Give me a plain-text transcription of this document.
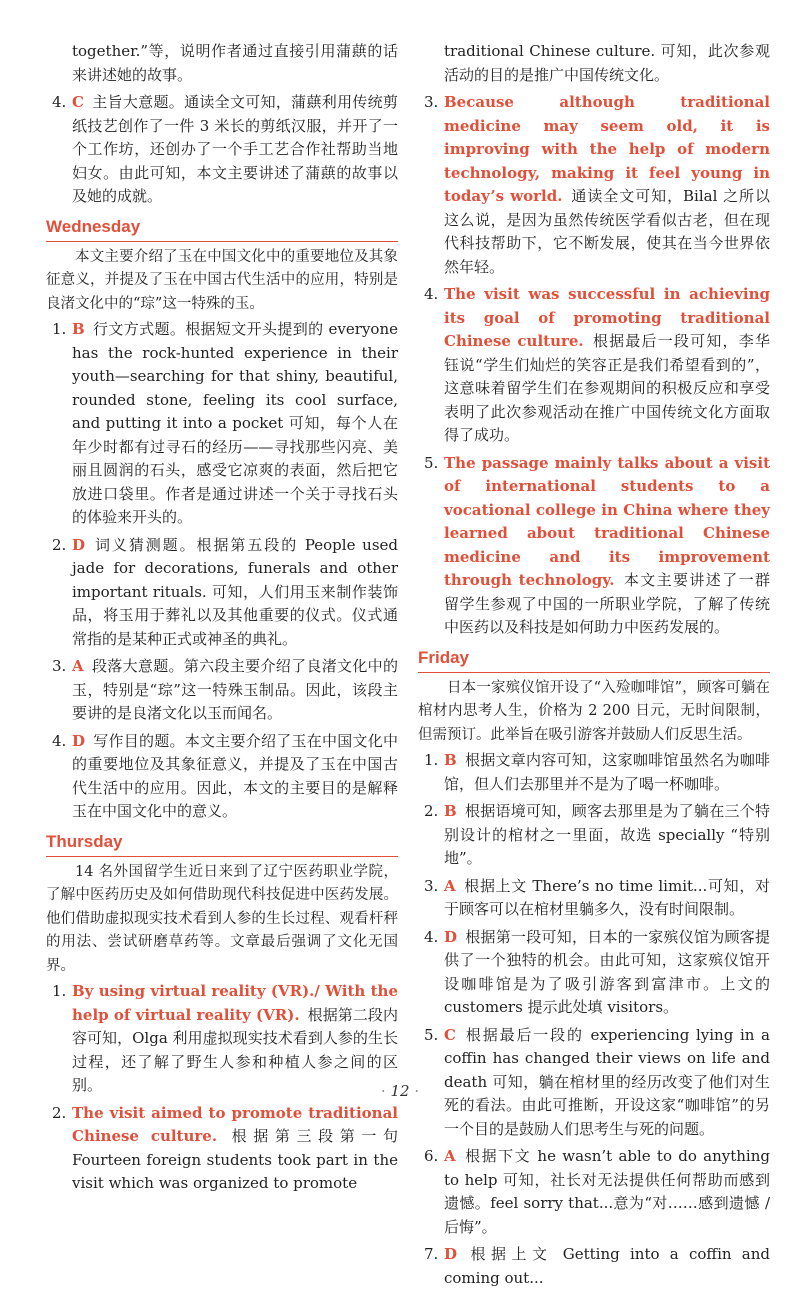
together.”等，说明作者通过直接引用蒲蕻的话来讲述她的故事。

4. C 主旨大意题。通读全文可知，蒲蕻利用传统剪纸技艺创作了一件 3 米长的剪纸汉服，并开了一个工作坊，还创办了一个手工艺合作社帮助当地妇女。由此可知，本文主要讲述了蒲蕻的故事以及她的成就。

Wednesday

本文主要介绍了玉在中国文化中的重要地位及其象征意义，并提及了玉在中国古代生活中的应用，特别是良渚文化中的“琮”这一特殊的玉。

1. B 行文方式题。根据短文开头提到的 everyone has the rock-hunted experience in their youth—searching for that shiny, beautiful, rounded stone, feeling its cool surface, and putting it into a pocket 可知，每个人在年少时都有过寻石的经历——寻找那些闪亮、美丽且圆润的石头，感受它凉爽的表面，然后把它放进口袋里。作者是通过讲述一个关于寻找石头的体验来开头的。

2. D 词义猜测题。根据第五段的 People used jade for decorations, funerals and other important rituals. 可知，人们用玉来制作装饰品，将玉用于葬礼以及其他重要的仪式。仪式通常指的是某种正式或神圣的典礼。

3. A 段落大意题。第六段主要介绍了良渚文化中的玉，特别是“琮”这一特殊玉制品。因此，该段主要讲的是良渚文化以玉而闻名。

4. D 写作目的题。本文主要介绍了玉在中国文化中的重要地位及其象征意义，并提及了玉在中国古代生活中的应用。因此，本文的主要目的是解释玉在中国文化中的意义。

Thursday

14 名外国留学生近日来到了辽宁医药职业学院，了解中医药历史及如何借助现代科技促进中医药发展。他们借助虚拟现实技术看到人参的生长过程、观看杆秤的用法、尝试研磨草药等。文章最后强调了文化无国界。

1. By using virtual reality (VR)./ With the help of virtual reality (VR). 根据第二段内容可知，Olga 利用虚拟现实技术看到人参的生长过程，还了解了野生人参和种植人参之间的区别。

2. The visit aimed to promote traditional Chinese culture. 根据第三段第一句 Fourteen foreign students took part in the visit which was organized to promote

traditional Chinese culture. 可知，此次参观活动的目的是推广中国传统文化。

3. Because although traditional medicine may seem old, it is improving with the help of modern technology, making it feel young in today’s world. 通读全文可知，Bilal 之所以这么说，是因为虽然传统医学看似古老，但在现代科技帮助下，它不断发展，使其在当今世界依然年轻。

4. The visit was successful in achieving its goal of promoting traditional Chinese culture. 根据最后一段可知，李华钰说“学生们灿烂的笑容正是我们希望看到的”，这意味着留学生们在参观期间的积极反应和享受表明了此次参观活动在推广中国传统文化方面取得了成功。

5. The passage mainly talks about a visit of international students to a vocational college in China where they learned about traditional Chinese medicine and its improvement through technology. 本文主要讲述了一群留学生参观了中国的一所职业学院，了解了传统中医药以及科技是如何助力中医药发展的。

Friday

日本一家殡仪馆开设了“入殓咖啡馆”，顾客可躺在棺材内思考人生，价格为 2 200 日元，无时间限制，但需预订。此举旨在吸引游客并鼓励人们反思生活。

1. B 根据文章内容可知，这家咖啡馆虽然名为咖啡馆，但人们去那里并不是为了喝一杯咖啡。

2. B 根据语境可知，顾客去那里是为了躺在三个特别设计的棺材之一里面，故选 specially “特别地”。

3. A 根据上文 There’s no time limit...可知，对于顾客可以在棺材里躺多久，没有时间限制。

4. D 根据第一段可知，日本的一家殡仪馆为顾客提供了一个独特的机会。由此可知，这家殡仪馆开设咖啡馆是为了吸引游客到富津市。上文的 customers 提示此处填 visitors。

5. C 根据最后一段的 experiencing lying in a coffin has changed their views on life and death 可知，躺在棺材里的经历改变了他们对生死的看法。由此可推断，开设这家“咖啡馆”的另一个目的是鼓励人们思考生与死的问题。

6. A 根据下文 he wasn’t able to do anything to help 可知，社长对无法提供任何帮助而感到遗憾。feel sorry that...意为“对……感到遗憾 / 后悔”。

7. D 根据上文 Getting into a coffin and coming out...

· 12 ·
